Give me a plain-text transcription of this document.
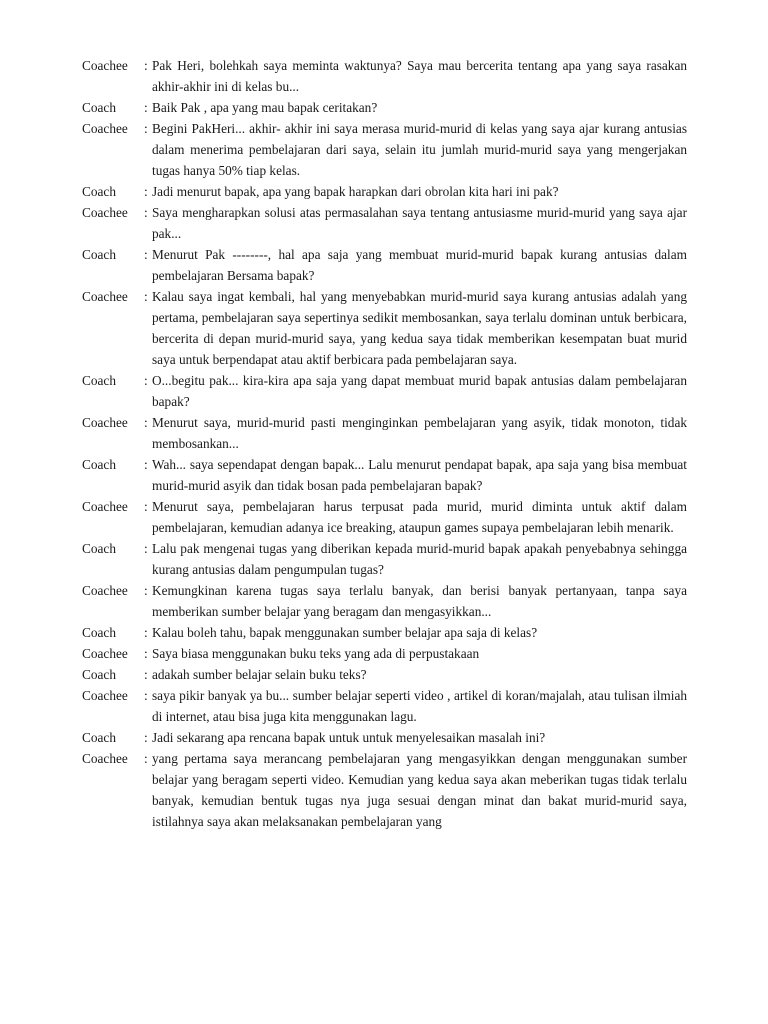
Coachee	: Pak Heri, bolehkah saya meminta waktunya? Saya mau bercerita tentang apa yang saya rasakan akhir-akhir ini di kelas bu...
Coach	: Baik Pak , apa yang mau bapak ceritakan?
Coachee	: Begini PakHeri... akhir- akhir ini saya merasa murid-murid di kelas yang saya ajar kurang antusias dalam menerima pembelajaran dari saya, selain itu jumlah murid-murid saya yang mengerjakan tugas hanya 50% tiap kelas.
Coach	: Jadi menurut bapak, apa yang bapak harapkan dari obrolan kita hari ini pak?
Coachee	: Saya mengharapkan solusi atas permasalahan saya tentang antusiasme murid-murid yang saya ajar pak...
Coach	: Menurut Pak --------, hal apa saja yang membuat murid-murid bapak kurang antusias dalam pembelajaran Bersama bapak?
Coachee	: Kalau saya ingat kembali, hal yang menyebabkan murid-murid saya kurang antusias adalah yang pertama, pembelajaran saya sepertinya sedikit membosankan, saya terlalu dominan untuk berbicara, bercerita di depan murid-murid saya, yang kedua saya tidak memberikan kesempatan buat murid saya untuk berpendapat atau aktif berbicara pada pembelajaran saya.
Coach	: O...begitu pak... kira-kira apa saja yang dapat membuat murid bapak antusias dalam pembelajaran bapak?
Coachee	: Menurut saya, murid-murid pasti menginginkan pembelajaran yang asyik, tidak monoton, tidak membosankan...
Coach	: Wah... saya sependapat dengan bapak... Lalu menurut pendapat bapak, apa saja yang bisa membuat murid-murid asyik dan tidak bosan pada pembelajaran bapak?
Coachee	: Menurut saya, pembelajaran harus terpusat pada murid, murid diminta untuk aktif dalam pembelajaran, kemudian adanya ice breaking, ataupun games supaya pembelajaran lebih menarik.
Coach	: Lalu pak mengenai tugas yang diberikan kepada murid-murid bapak apakah penyebabnya sehingga kurang antusias dalam pengumpulan tugas?
Coachee	: Kemungkinan karena tugas saya terlalu banyak, dan berisi banyak pertanyaan, tanpa saya memberikan sumber belajar yang beragam dan mengasyikkan...
Coach	: Kalau boleh tahu, bapak menggunakan sumber belajar apa saja di kelas?
Coachee	: Saya biasa menggunakan buku teks yang ada di perpustakaan
Coach	: adakah sumber belajar selain buku teks?
Coachee	: saya pikir banyak ya bu... sumber belajar seperti video , artikel di koran/majalah, atau tulisan ilmiah di internet, atau bisa juga kita menggunakan lagu.
Coach	: Jadi sekarang apa rencana bapak untuk untuk menyelesaikan masalah ini?
Coachee	: yang pertama saya merancang pembelajaran yang mengasyikkan dengan menggunakan sumber belajar yang beragam seperti video. Kemudian yang kedua saya akan meberikan tugas tidak terlalu banyak, kemudian bentuk tugas nya juga sesuai dengan minat dan bakat murid-murid saya, istilahnya saya akan melaksanakan pembelajaran yang
